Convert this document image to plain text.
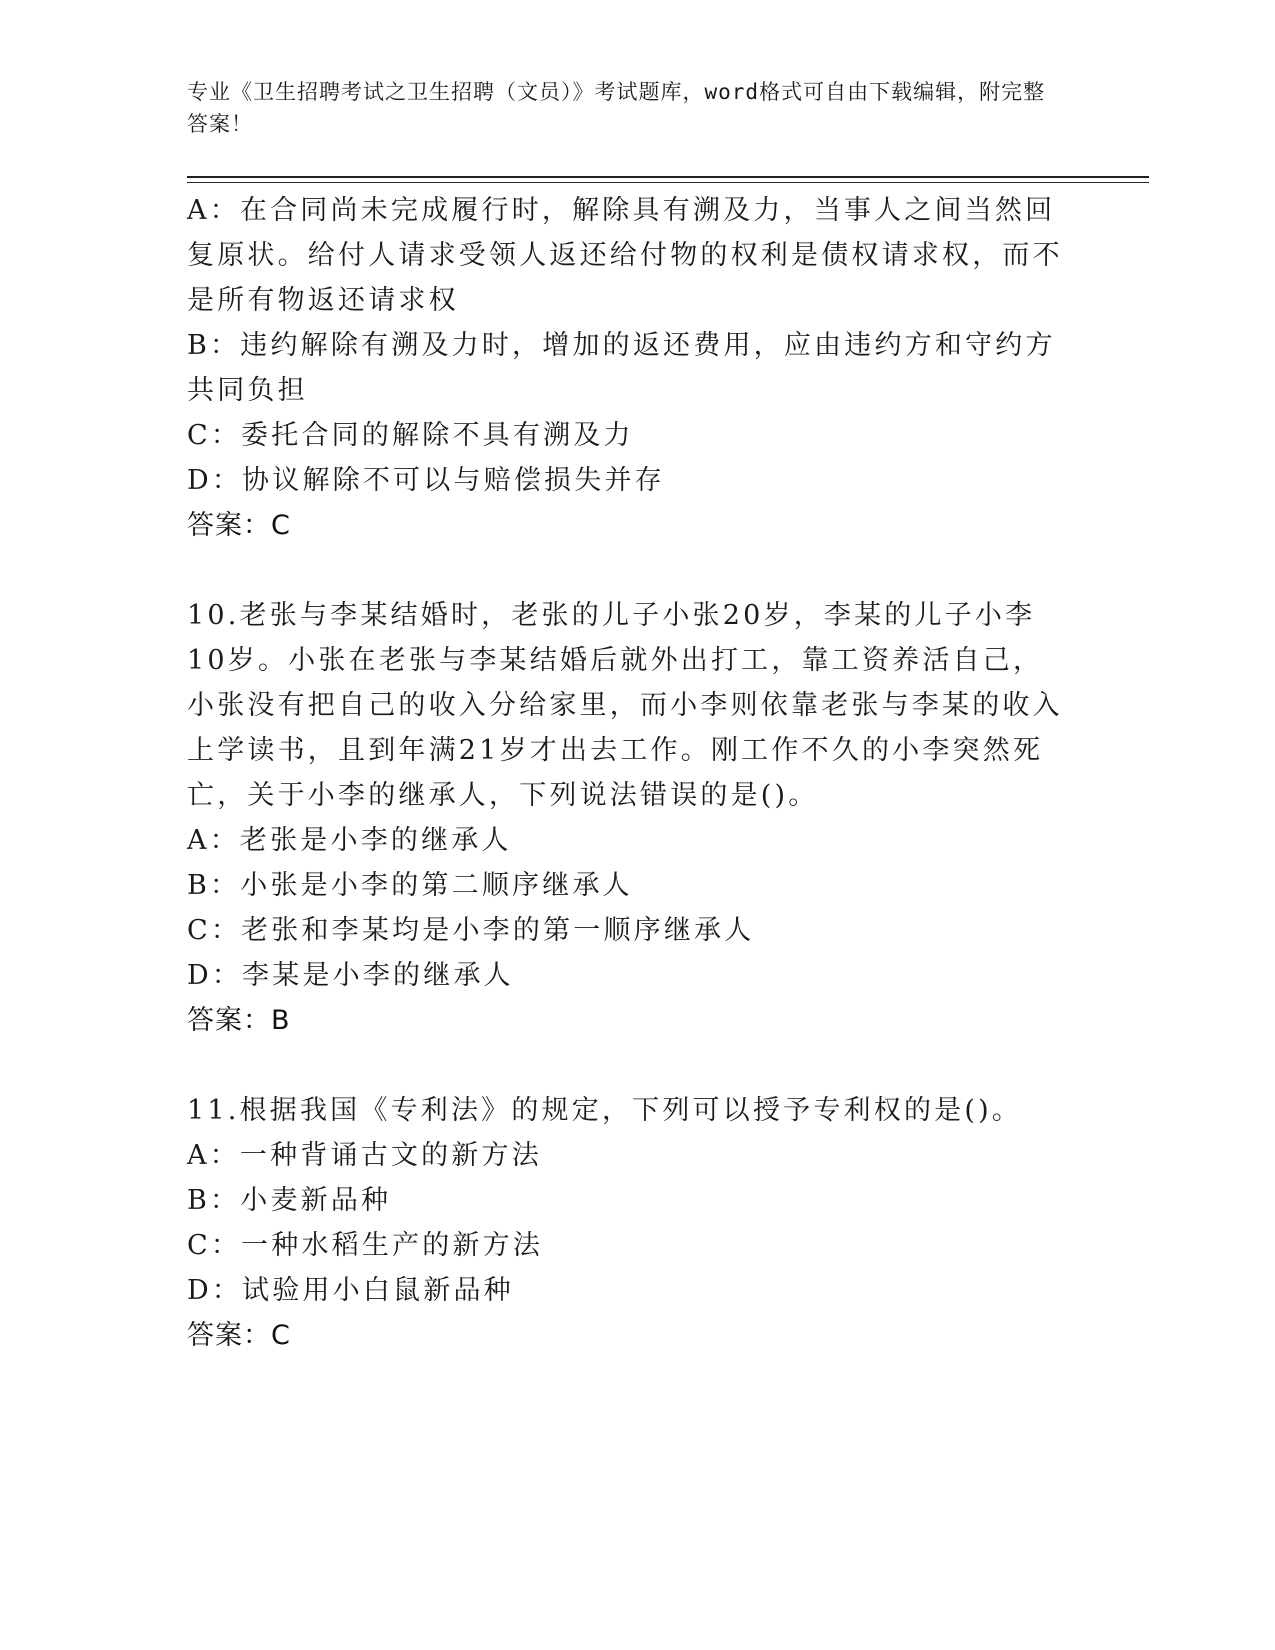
专业《卫生招聘考试之卫生招聘（文员）》考试题库，word格式可自由下载编辑，附完整答案！

A：在合同尚未完成履行时，解除具有溯及力，当事人之间当然回复原状。给付人请求受领人返还给付物的权利是债权请求权，而不是所有物返还请求权

B：违约解除有溯及力时，增加的返还费用，应由违约方和守约方共同负担

C：委托合同的解除不具有溯及力

D：协议解除不可以与赔偿损失并存

答案：C

10.老张与李某结婚时，老张的儿子小张20岁，李某的儿子小李10岁。小张在老张与李某结婚后就外出打工，靠工资养活自己，小张没有把自己的收入分给家里，而小李则依靠老张与李某的收入上学读书，且到年满21岁才出去工作。刚工作不久的小李突然死亡，关于小李的继承人，下列说法错误的是()。

A：老张是小李的继承人

B：小张是小李的第二顺序继承人

C：老张和李某均是小李的第一顺序继承人

D：李某是小李的继承人

答案：B

11.根据我国《专利法》的规定，下列可以授予专利权的是()。

A：一种背诵古文的新方法

B：小麦新品种

C：一种水稻生产的新方法

D：试验用小白鼠新品种

答案：C
